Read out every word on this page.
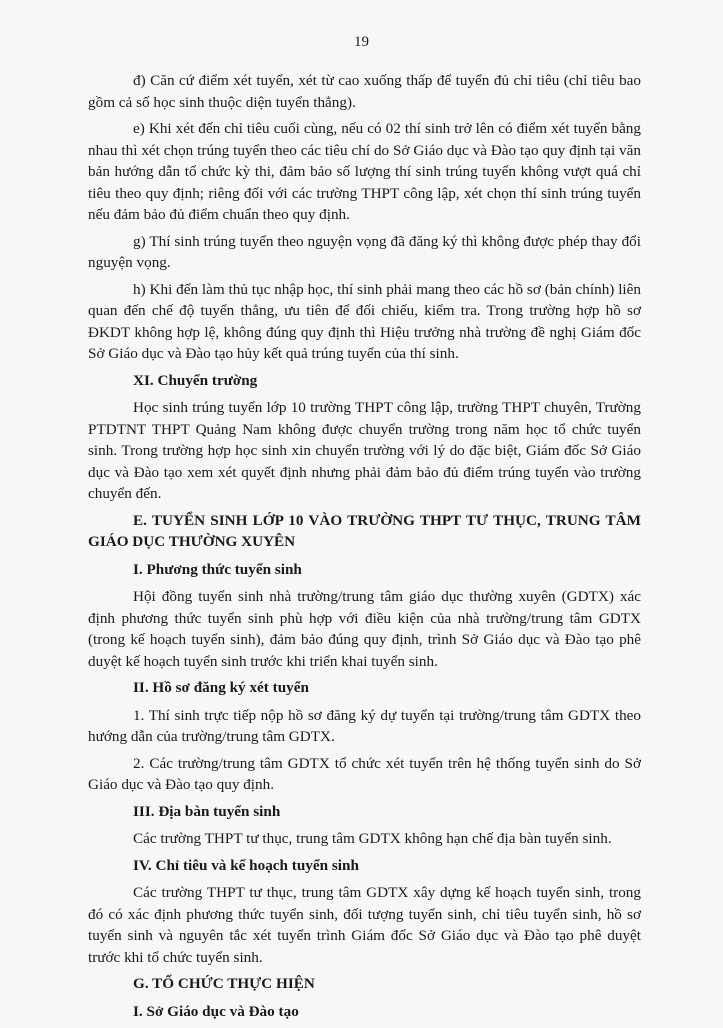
19

đ) Căn cứ điểm xét tuyển, xét từ cao xuống thấp để tuyển đủ chỉ tiêu (chỉ tiêu bao gồm cả số học sinh thuộc diện tuyển thẳng).

e) Khi xét đến chỉ tiêu cuối cùng, nếu có 02 thí sinh trở lên có điểm xét tuyển bằng nhau thì xét chọn trúng tuyển theo các tiêu chí do Sở Giáo dục và Đào tạo quy định tại văn bản hướng dẫn tổ chức kỳ thi, đảm bảo số lượng thí sinh trúng tuyển không vượt quá chỉ tiêu theo quy định; riêng đối với các trường THPT công lập, xét chọn thí sinh trúng tuyển nếu đảm bảo đủ điểm chuẩn theo quy định.

g) Thí sinh trúng tuyển theo nguyện vọng đã đăng ký thì không được phép thay đổi nguyện vọng.

h) Khi đến làm thủ tục nhập học, thí sinh phải mang theo các hồ sơ (bản chính) liên quan đến chế độ tuyển thẳng, ưu tiên để đối chiếu, kiểm tra. Trong trường hợp hồ sơ ĐKDT không hợp lệ, không đúng quy định thì Hiệu trưởng nhà trường đề nghị Giám đốc Sở Giáo dục và Đào tạo hủy kết quả trúng tuyển của thí sinh.

XI. Chuyển trường

Học sinh trúng tuyển lớp 10 trường THPT công lập, trường THPT chuyên, Trường PTDTNT THPT Quảng Nam không được chuyển trường trong năm học tổ chức tuyển sinh. Trong trường hợp học sinh xin chuyển trường với lý do đặc biệt, Giám đốc Sở Giáo dục và Đào tạo xem xét quyết định nhưng phải đảm bảo đủ điểm trúng tuyển vào trường chuyển đến.

E. TUYỂN SINH LỚP 10 VÀO TRƯỜNG THPT TƯ THỤC, TRUNG TÂM GIÁO DỤC THƯỜNG XUYÊN
I. Phương thức tuyển sinh

Hội đồng tuyển sinh nhà trường/trung tâm giáo dục thường xuyên (GDTX) xác định phương thức tuyển sinh phù hợp với điều kiện của nhà trường/trung tâm GDTX (trong kế hoạch tuyển sinh), đảm bảo đúng quy định, trình Sở Giáo dục và Đào tạo phê duyệt kế hoạch tuyển sinh trước khi triển khai tuyển sinh.

II. Hồ sơ đăng ký xét tuyển

1. Thí sinh trực tiếp nộp hồ sơ đăng ký dự tuyển tại trường/trung tâm GDTX theo hướng dẫn của trường/trung tâm GDTX.

2. Các trường/trung tâm GDTX tổ chức xét tuyển trên hệ thống tuyển sinh do Sở Giáo dục và Đào tạo quy định.

III. Địa bàn tuyển sinh

Các trường THPT tư thục, trung tâm GDTX không hạn chế địa bàn tuyển sinh.

IV. Chỉ tiêu và kế hoạch tuyển sinh

Các trường THPT tư thục, trung tâm GDTX xây dựng kế hoạch tuyển sinh, trong đó có xác định phương thức tuyển sinh, đối tượng tuyển sinh, chỉ tiêu tuyển sinh, hồ sơ tuyển sinh và nguyên tắc xét tuyển trình Giám đốc Sở Giáo dục và Đào tạo phê duyệt trước khi tổ chức tuyển sinh.

G. TỔ CHỨC THỰC HIỆN
I. Sở Giáo dục và Đào tạo
